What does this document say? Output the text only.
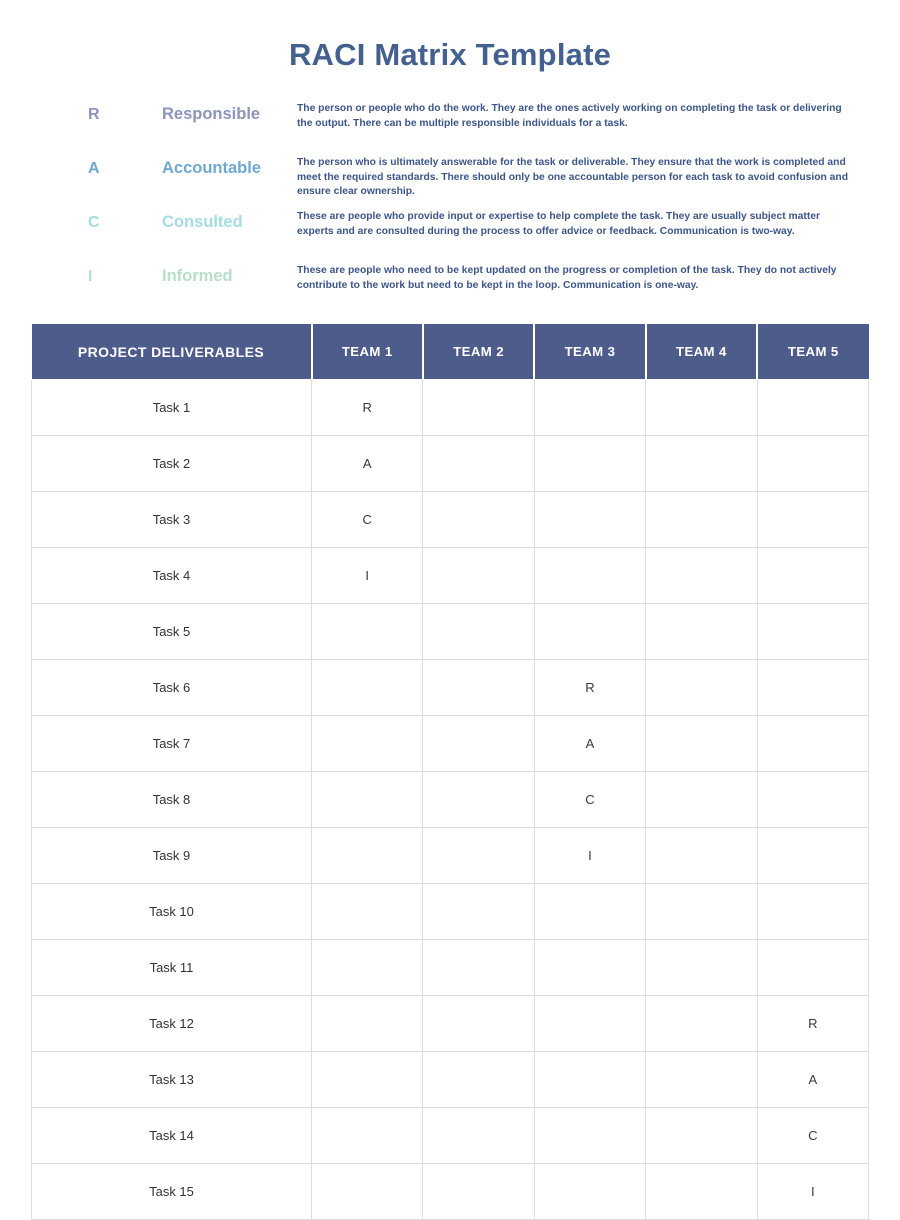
RACI Matrix Template
R	Responsible	The person or people who do the work. They are the ones actively working on completing the task or delivering the output. There can be multiple responsible individuals for a task.
A	Accountable	The person who is ultimately answerable for the task or deliverable. They ensure that the work is completed and meet the required standards. There should only be one accountable person for each task to avoid confusion and ensure clear ownership.
C	Consulted	These are people who provide input or expertise to help complete the task. They are usually subject matter experts and are consulted during the process to offer advice or feedback. Communication is two-way.
I	Informed	These are people who need to be kept updated on the progress or completion of the task. They do not actively contribute to the work but need to be kept in the loop. Communication is one-way.
PROJECT DELIVERABLES	TEAM 1	TEAM 2	TEAM 3	TEAM 4	TEAM 5
Task 1	R				
Task 2	A				
Task 3	C				
Task 4	I				
Task 5					
Task 6			R		
Task 7			A		
Task 8			C		
Task 9			I		
Task 10					
Task 11					
Task 12					R
Task 13					A
Task 14					C
Task 15					I
